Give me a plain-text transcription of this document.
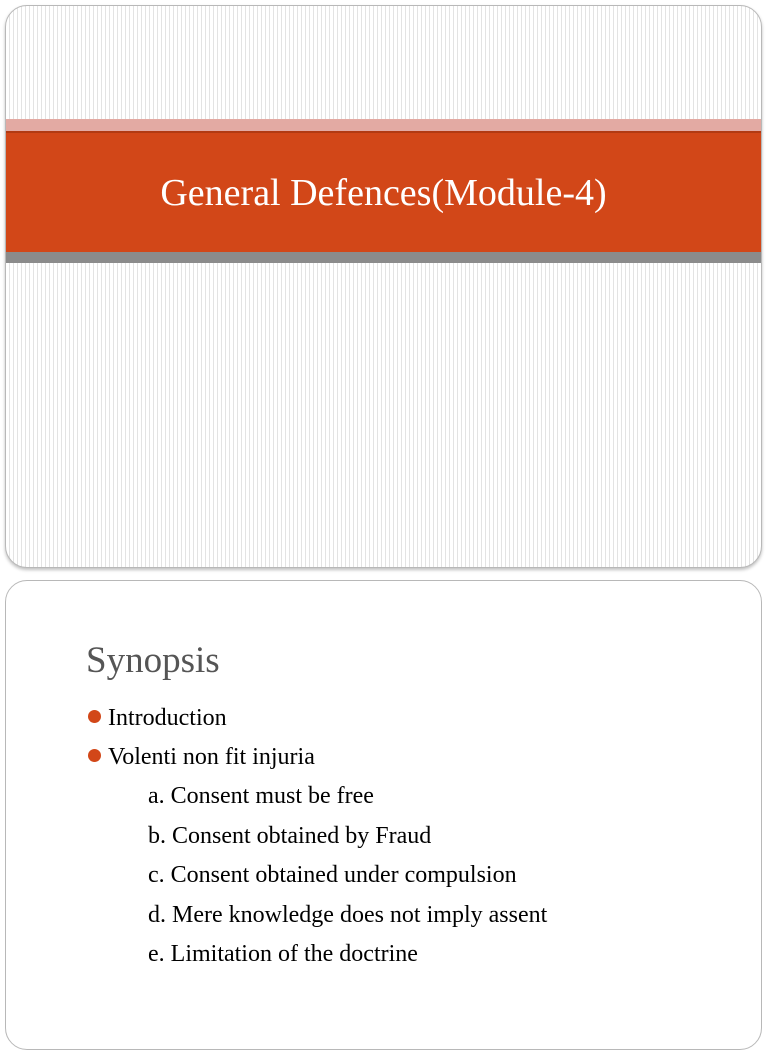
General Defences(Module-4)
Synopsis
Introduction
Volenti non fit injuria
a. Consent must be free
b. Consent obtained by Fraud
c. Consent obtained under compulsion
d. Mere knowledge does not imply assent
e. Limitation of the doctrine
